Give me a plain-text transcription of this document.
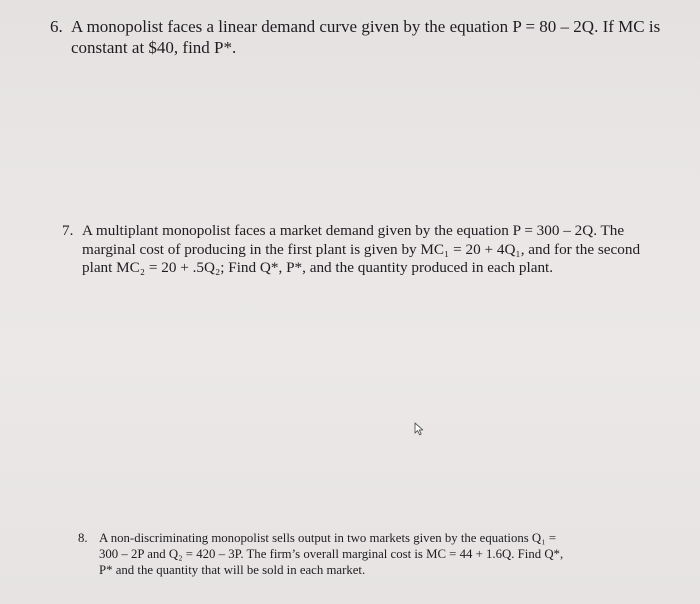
6. A monopolist faces a linear demand curve given by the equation P = 80 – 2Q. If MC is
constant at $40, find P*.
7. A multiplant monopolist faces a market demand given by the equation P = 300 – 2Q. The
marginal cost of producing in the first plant is given by MC₁ = 20 + 4Q₁, and for the second
plant MC₂ = 20 + .5Q₂; Find Q*, P*, and the quantity produced in each plant.
8. A non-discriminating monopolist sells output in two markets given by the equations Q₁ =
300 – 2P and Q₂ = 420 – 3P. The firm’s overall marginal cost is MC = 44 + 1.6Q. Find Q*,
P* and the quantity that will be sold in each market.
